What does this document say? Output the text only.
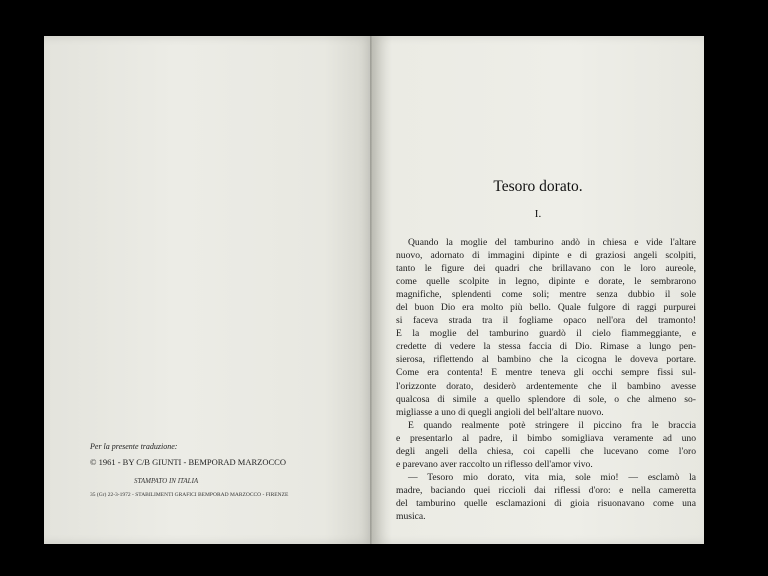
Per la presente traduzione:
© 1961 - BY C/B GIUNTI - BEMPORAD MARZOCCO
STAMPATO IN ITALIA
35 (Gr) 22-3-1972 - STABILIMENTI GRAFICI BEMPORAD MARZOCCO - FIRENZE
Tesoro dorato.
I.
Quando la moglie del tamburino andò in chiesa e vide l'altare
nuovo, adornato di immagini dipinte e di graziosi angeli scolpiti,
tanto le figure dei quadri che brillavano con le loro aureole,
come quelle scolpite in legno, dipinte e dorate, le sembrarono
magnifiche, splendenti come soli; mentre senza dubbio il sole
del buon Dio era molto più bello. Quale fulgore di raggi purpurei
si faceva strada tra il fogliame opaco nell'ora del tramonto!
E la moglie del tamburino guardò il cielo fiammeggiante, e
credette di vedere la stessa faccia di Dio. Rimase a lungo pen-
sierosa, riflettendo al bambino che la cicogna le doveva portare.
Come era contenta! E mentre teneva gli occhi sempre fissi sul-
l'orizzonte dorato, desiderò ardentemente che il bambino avesse
qualcosa di simile a quello splendore di sole, o che almeno so-
migliasse a uno di quegli angioli del bell'altare nuovo.
E quando realmente potè stringere il piccino fra le braccia
e presentarlo al padre, il bimbo somigliava veramente ad uno
degli angeli della chiesa, coi capelli che lucevano come l'oro
e parevano aver raccolto un riflesso dell'amor vivo.
— Tesoro mio dorato, vita mia, sole mio! — esclamò la
madre, baciando quei riccioli dai riflessi d'oro: e nella cameretta
del tamburino quelle esclamazioni di gioia risuonavano come una
musica.
